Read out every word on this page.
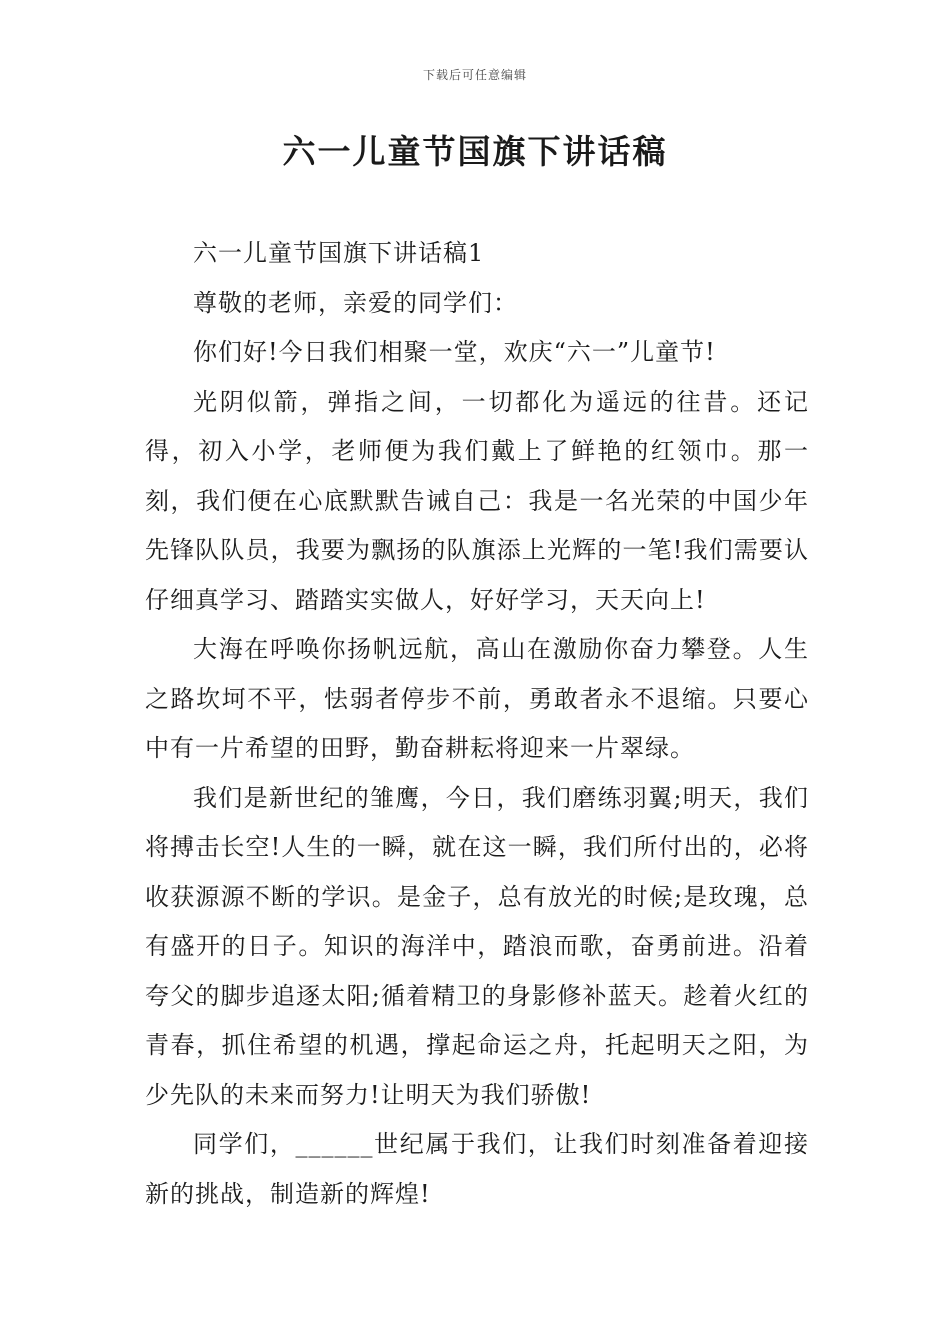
下载后可任意编辑
六一儿童节国旗下讲话稿

六一儿童节国旗下讲话稿1

尊敬的老师，亲爱的同学们：

你们好!今日我们相聚一堂，欢庆“六一”儿童节!

光阴似箭，弹指之间，一切都化为遥远的往昔。还记得，初入小学，老师便为我们戴上了鲜艳的红领巾。那一刻，我们便在心底默默告诫自己：我是一名光荣的中国少年先锋队队员，我要为飘扬的队旗添上光辉的一笔!我们需要认仔细真学习、踏踏实实做人，好好学习，天天向上!

大海在呼唤你扬帆远航，高山在激励你奋力攀登。人生之路坎坷不平，怯弱者停步不前，勇敢者永不退缩。只要心中有一片希望的田野，勤奋耕耘将迎来一片翠绿。

我们是新世纪的雏鹰，今日，我们磨练羽翼;明天，我们将搏击长空!人生的一瞬，就在这一瞬，我们所付出的，必将收获源源不断的学识。是金子，总有放光的时候;是玫瑰，总有盛开的日子。知识的海洋中，踏浪而歌，奋勇前进。沿着夸父的脚步追逐太阳;循着精卫的身影修补蓝天。趁着火红的青春，抓住希望的机遇，撑起命运之舟，托起明天之阳，为少先队的未来而努力!让明天为我们骄傲!

同学们，______世纪属于我们，让我们时刻准备着迎接新的挑战，制造新的辉煌!
